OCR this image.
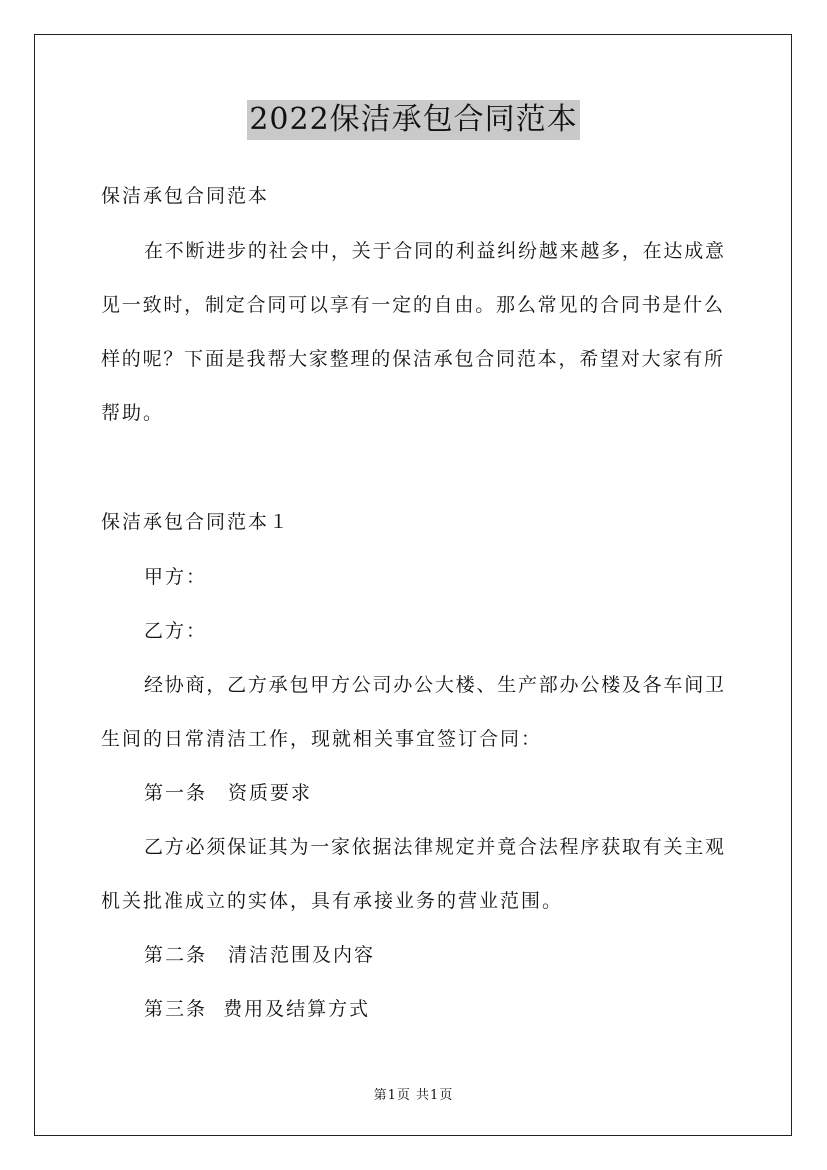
2022保洁承包合同范本
保洁承包合同范本
在不断进步的社会中，关于合同的利益纠纷越来越多，在达成意
见一致时，制定合同可以享有一定的自由。那么常见的合同书是什么
样的呢？下面是我帮大家整理的保洁承包合同范本，希望对大家有所
帮助。
保洁承包合同范本１
甲方：
乙方：
经协商，乙方承包甲方公司办公大楼、生产部办公楼及各车间卫
生间的日常清洁工作，现就相关事宜签订合同：
第一条　资质要求
乙方必须保证其为一家依据法律规定并竟合法程序获取有关主观
机关批准成立的实体，具有承接业务的营业范围。
第二条　清洁范围及内容
第三条  费用及结算方式
第1页 共1页
